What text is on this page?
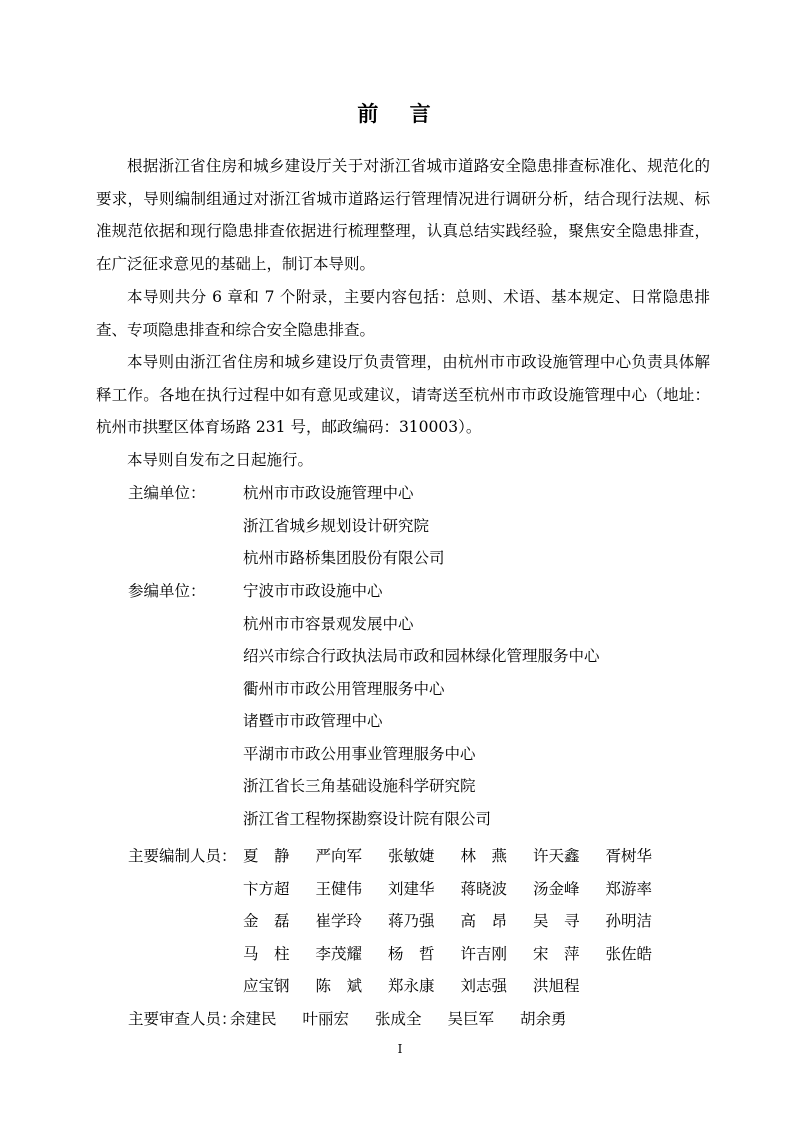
前 言

根据浙江省住房和城乡建设厅关于对浙江省城市道路安全隐患排查标准化、规范化的要求，导则编制组通过对浙江省城市道路运行管理情况进行调研分析，结合现行法规、标准规范依据和现行隐患排查依据进行梳理整理，认真总结实践经验，聚焦安全隐患排查，在广泛征求意见的基础上，制订本导则。

本导则共分 6 章和 7 个附录，主要内容包括：总则、术语、基本规定、日常隐患排查、专项隐患排查和综合安全隐患排查。

本导则由浙江省住房和城乡建设厅负责管理，由杭州市市政设施管理中心负责具体解释工作。各地在执行过程中如有意见或建议，请寄送至杭州市市政设施管理中心（地址：杭州市拱墅区体育场路 231 号，邮政编码：310003）。

本导则自发布之日起施行。

主编单位： 杭州市市政设施管理中心
浙江省城乡规划设计研究院
杭州市路桥集团股份有限公司
参编单位： 宁波市市政设施中心
杭州市市容景观发展中心
绍兴市综合行政执法局市政和园林绿化管理服务中心
衢州市市政公用管理服务中心
诸暨市市政管理中心
平湖市市政公用事业管理服务中心
浙江省长三角基础设施科学研究院
浙江省工程物探勘察设计院有限公司
主要编制人员： 夏　静 严向军 张敏婕 林　燕 许天鑫 胥树华
卞方超 王健伟 刘建华 蒋晓波 汤金峰 郑游率
金　磊 崔学玲 蒋乃强 高　昂 吴　寻 孙明洁
马　柱 李茂耀 杨　哲 许吉刚 宋　萍 张佐皓
应宝钢 陈　斌 郑永康 刘志强 洪旭程
主要审查人员：
余建民 叶丽宏 张成全 吴巨军 胡余勇
I
